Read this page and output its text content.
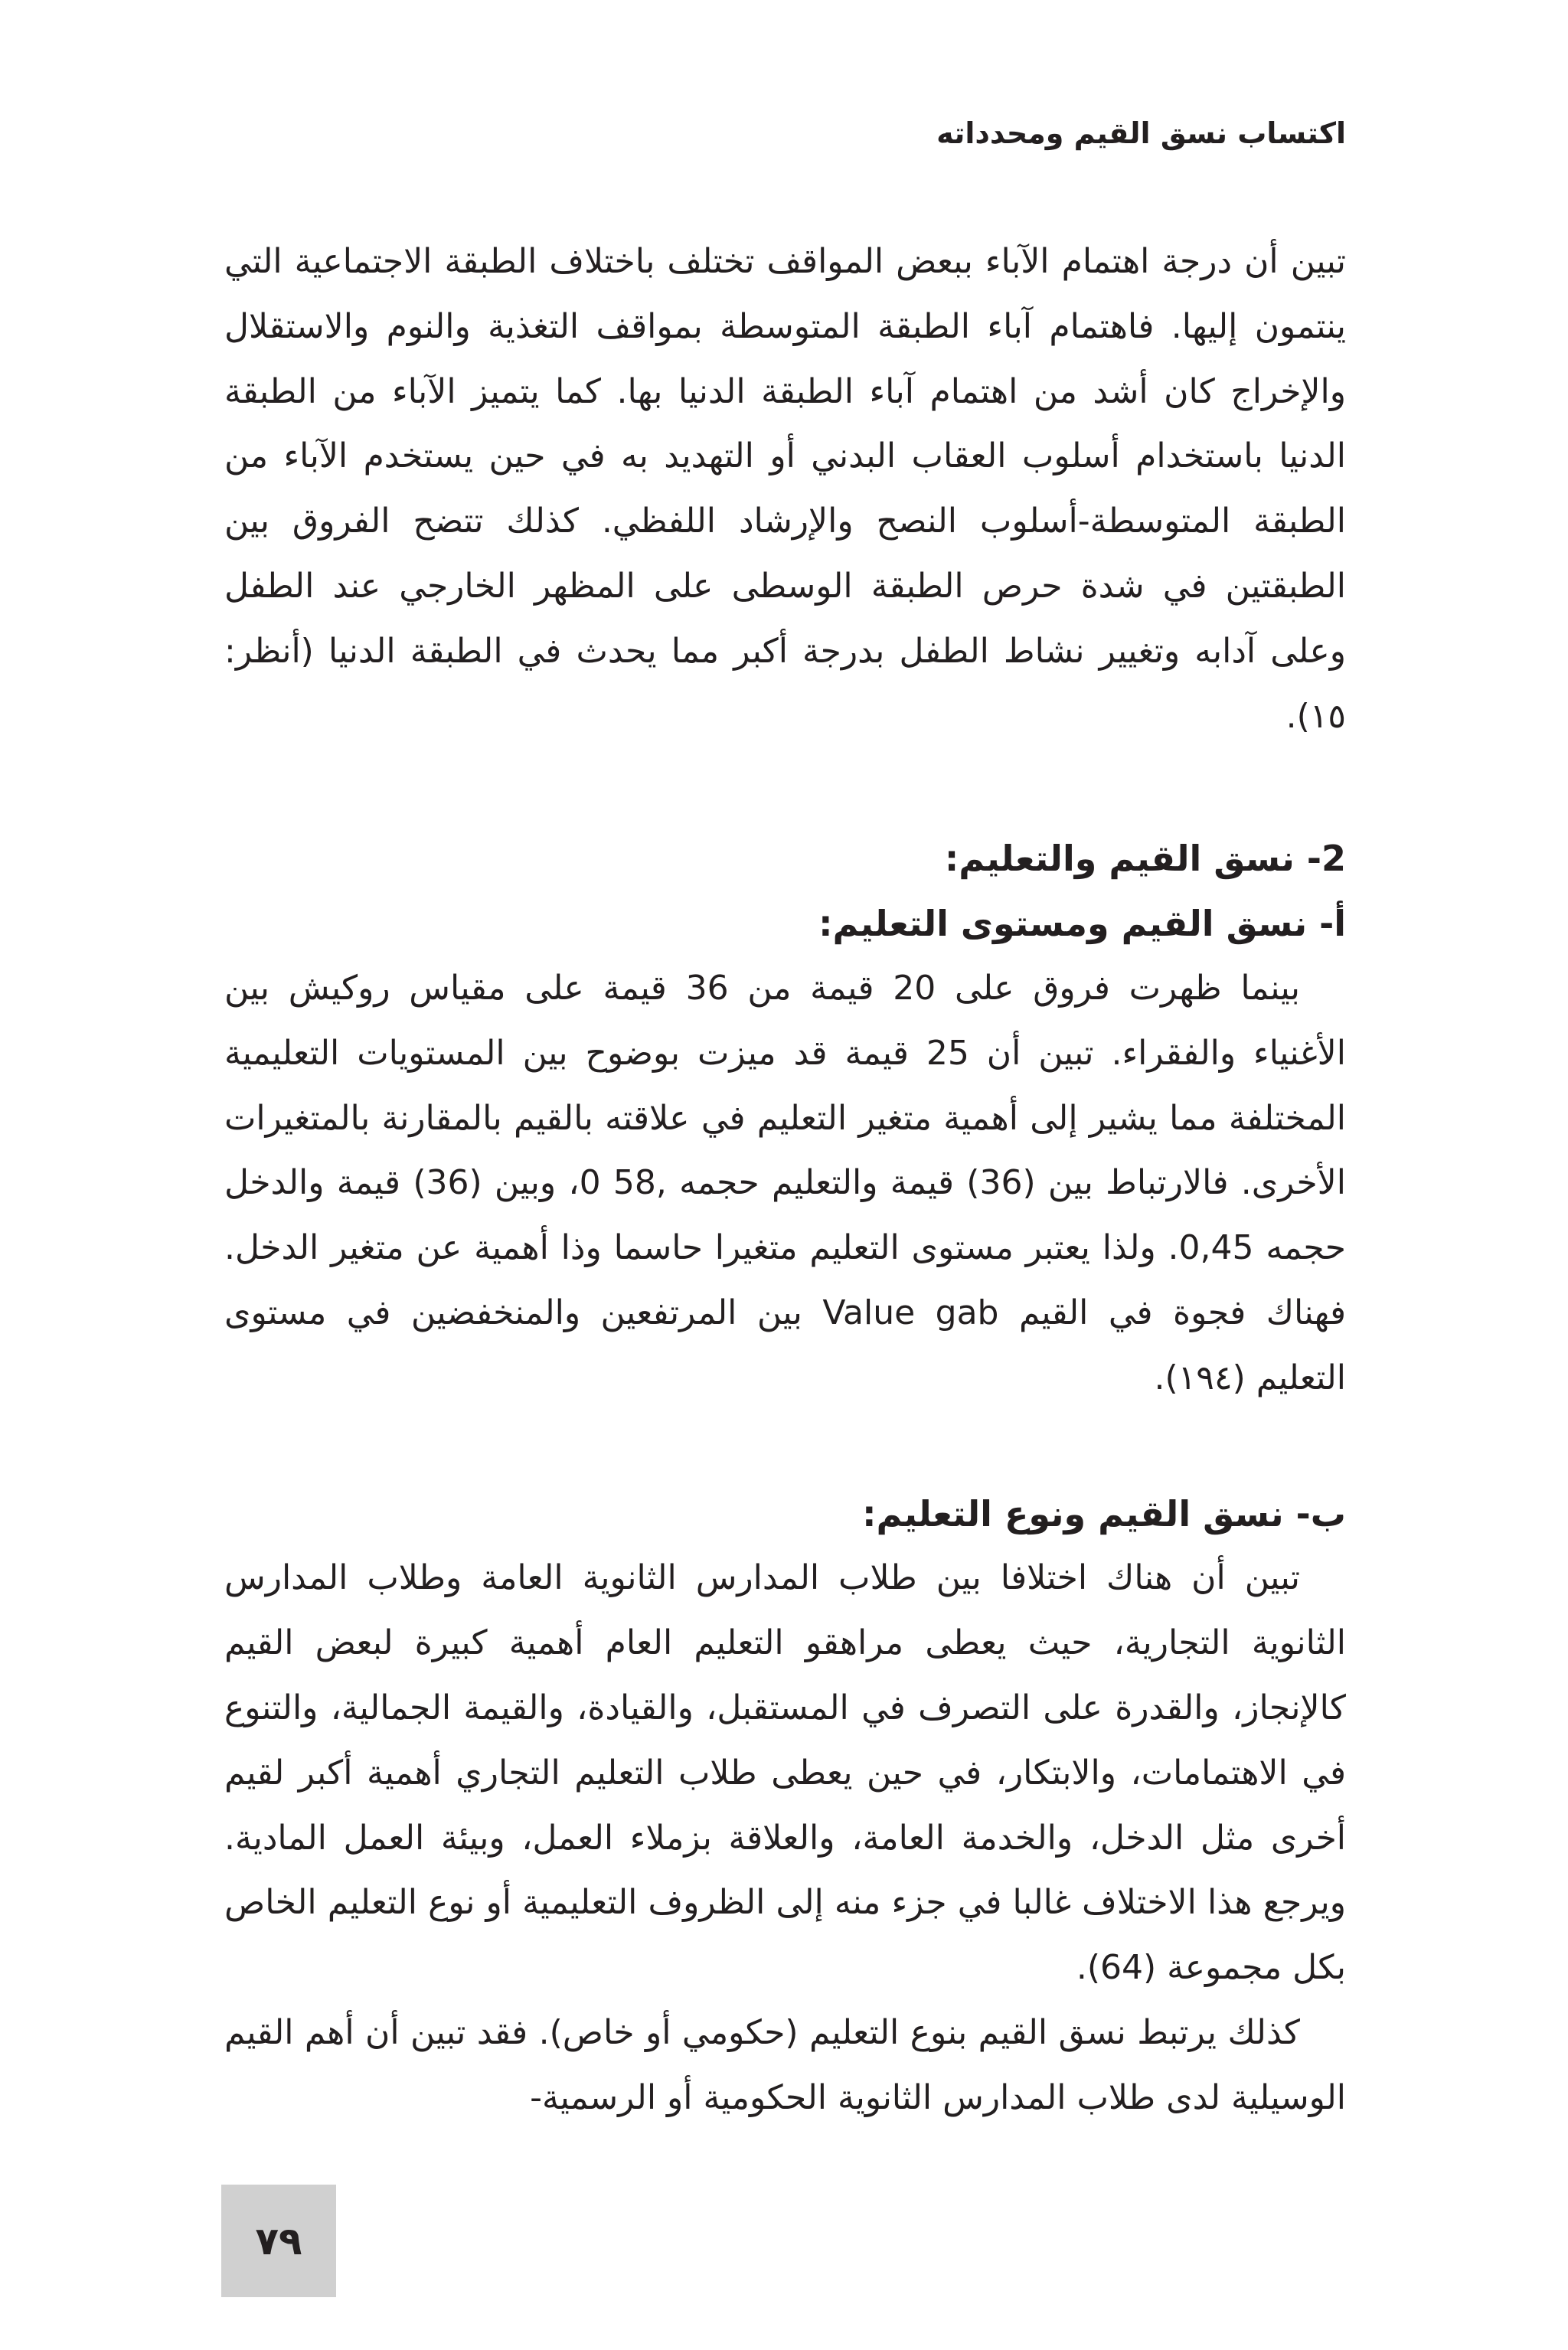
اكتساب نسق القيم ومحدداته

تبين أن درجة اهتمام الآباء ببعض المواقف تختلف باختلاف الطبقة الاجتماعية التي ينتمون إليها. فاهتمام آباء الطبقة المتوسطة بمواقف التغذية والنوم والاستقلال والإخراج كان أشد من اهتمام آباء الطبقة الدنيا بها. كما يتميز الآباء من الطبقة الدنيا باستخدام أسلوب العقاب البدني أو التهديد به في حين يستخدم الآباء من الطبقة المتوسطة-أسلوب النصح والإرشاد اللفظي. كذلك تتضح الفروق بين الطبقتين في شدة حرص الطبقة الوسطى على المظهر الخارجي عند الطفل وعلى آدابه وتغيير نشاط الطفل بدرجة أكبر مما يحدث في الطبقة الدنيا (أنظر: ١٥).

2- نسق القيم والتعليم:
أ- نسق القيم ومستوى التعليم:

بينما ظهرت فروق على 20 قيمة من 36 قيمة على مقياس روكيش بين الأغنياء والفقراء. تبين أن 25 قيمة قد ميزت بوضوح بين المستويات التعليمية المختلفة مما يشير إلى أهمية متغير التعليم في علاقته بالقيم بالمقارنة بالمتغيرات الأخرى. فالارتباط بين (36) قيمة والتعليم حجمه ,58 0، وبين (36) قيمة والدخل حجمه 0,45. ولذا يعتبر مستوى التعليم متغيرا حاسما وذا أهمية عن متغير الدخل. فهناك فجوة في القيم Value gab بين المرتفعين والمنخفضين في مستوى التعليم (١٩٤).

ب- نسق القيم ونوع التعليم:

تبين أن هناك اختلافا بين طلاب المدارس الثانوية العامة وطلاب المدارس الثانوية التجارية، حيث يعطى مراهقو التعليم العام أهمية كبيرة لبعض القيم كالإنجاز، والقدرة على التصرف في المستقبل، والقيادة، والقيمة الجمالية، والتنوع في الاهتمامات، والابتكار، في حين يعطى طلاب التعليم التجاري أهمية أكبر لقيم أخرى مثل الدخل، والخدمة العامة، والعلاقة بزملاء العمل، وبيئة العمل المادية. ويرجع هذا الاختلاف غالبا في جزء منه إلى الظروف التعليمية أو نوع التعليم الخاص بكل مجموعة (64).

كذلك يرتبط نسق القيم بنوع التعليم (حكومي أو خاص). فقد تبين أن أهم القيم الوسيلية لدى طلاب المدارس الثانوية الحكومية أو الرسمية-

٧٩
